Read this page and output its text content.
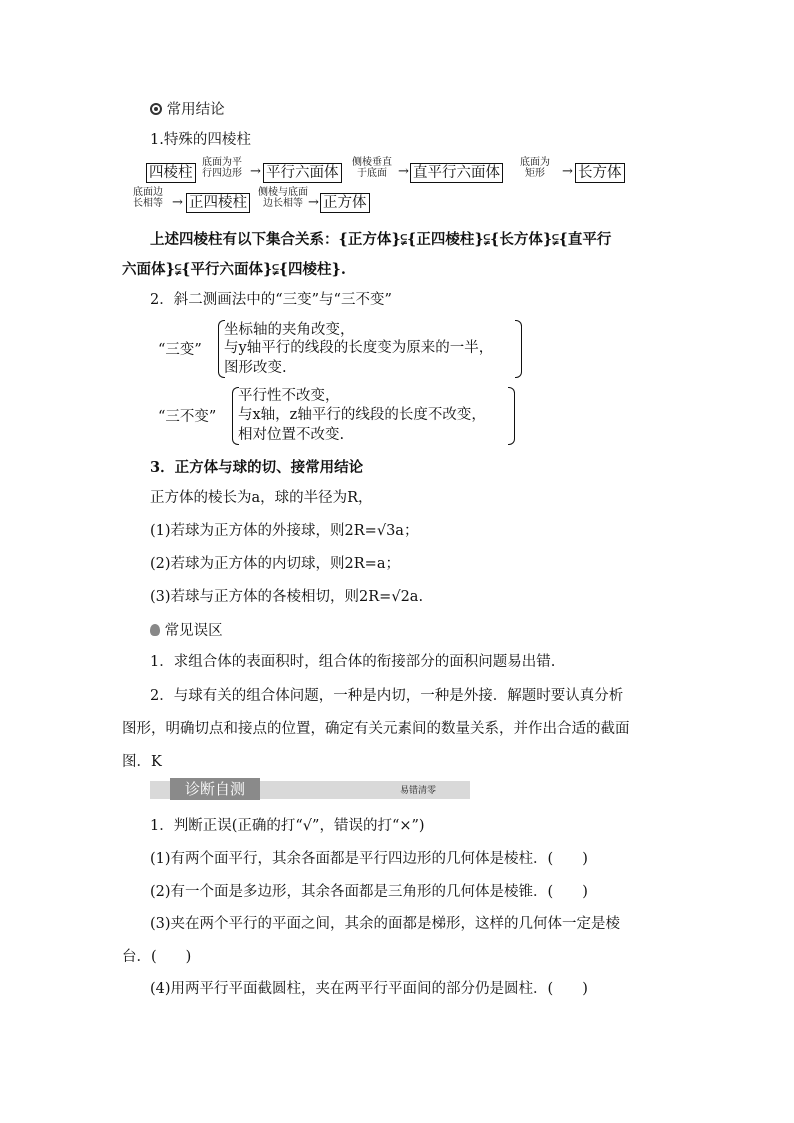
常用结论
1.特殊的四棱柱
四棱柱
底面为平
行四边形 → 平行六面体
侧棱垂直
于底面 → 直平行六面体
底面为
矩形	→ 长方体
底面边
长相等 → 正四棱柱
侧棱与底面
边长相等 → 正方体
上述四棱柱有以下集合关系：{正方体}⫋{正四棱柱}⫋{长方体}⫋{直平行
六面体}⫋{平行六面体}⫋{四棱柱}.
2．斜二测画法中的“三变”与“三不变”
“三变”
坐标轴的夹角改变，
与y轴平行的线段的长度变为原来的一半，
图形改变.
“三不变”
平行性不改变，
与x轴，z轴平行的线段的长度不改变，
相对位置不改变.
3．正方体与球的切、接常用结论
正方体的棱长为a，球的半径为R，
(1)若球为正方体的外接球，则2R=√3a；
(2)若球为正方体的内切球，则2R=a；
(3)若球与正方体的各棱相切，则2R=√2a.
常见误区
1．求组合体的表面积时，组合体的衔接部分的面积问题易出错.
2．与球有关的组合体问题，一种是内切，一种是外接．解题时要认真分析
图形，明确切点和接点的位置，确定有关元素间的数量关系，并作出合适的截面
图．K
诊断自测	易错清零
1．判断正误(正确的打“√”，错误的打“×”)
(1)有两个面平行，其余各面都是平行四边形的几何体是棱柱．(　　)
(2)有一个面是多边形，其余各面都是三角形的几何体是棱锥．(　　)
(3)夹在两个平行的平面之间，其余的面都是梯形，这样的几何体一定是棱
台．(　　)
(4)用两平行平面截圆柱，夹在两平行平面间的部分仍是圆柱．(　　)
